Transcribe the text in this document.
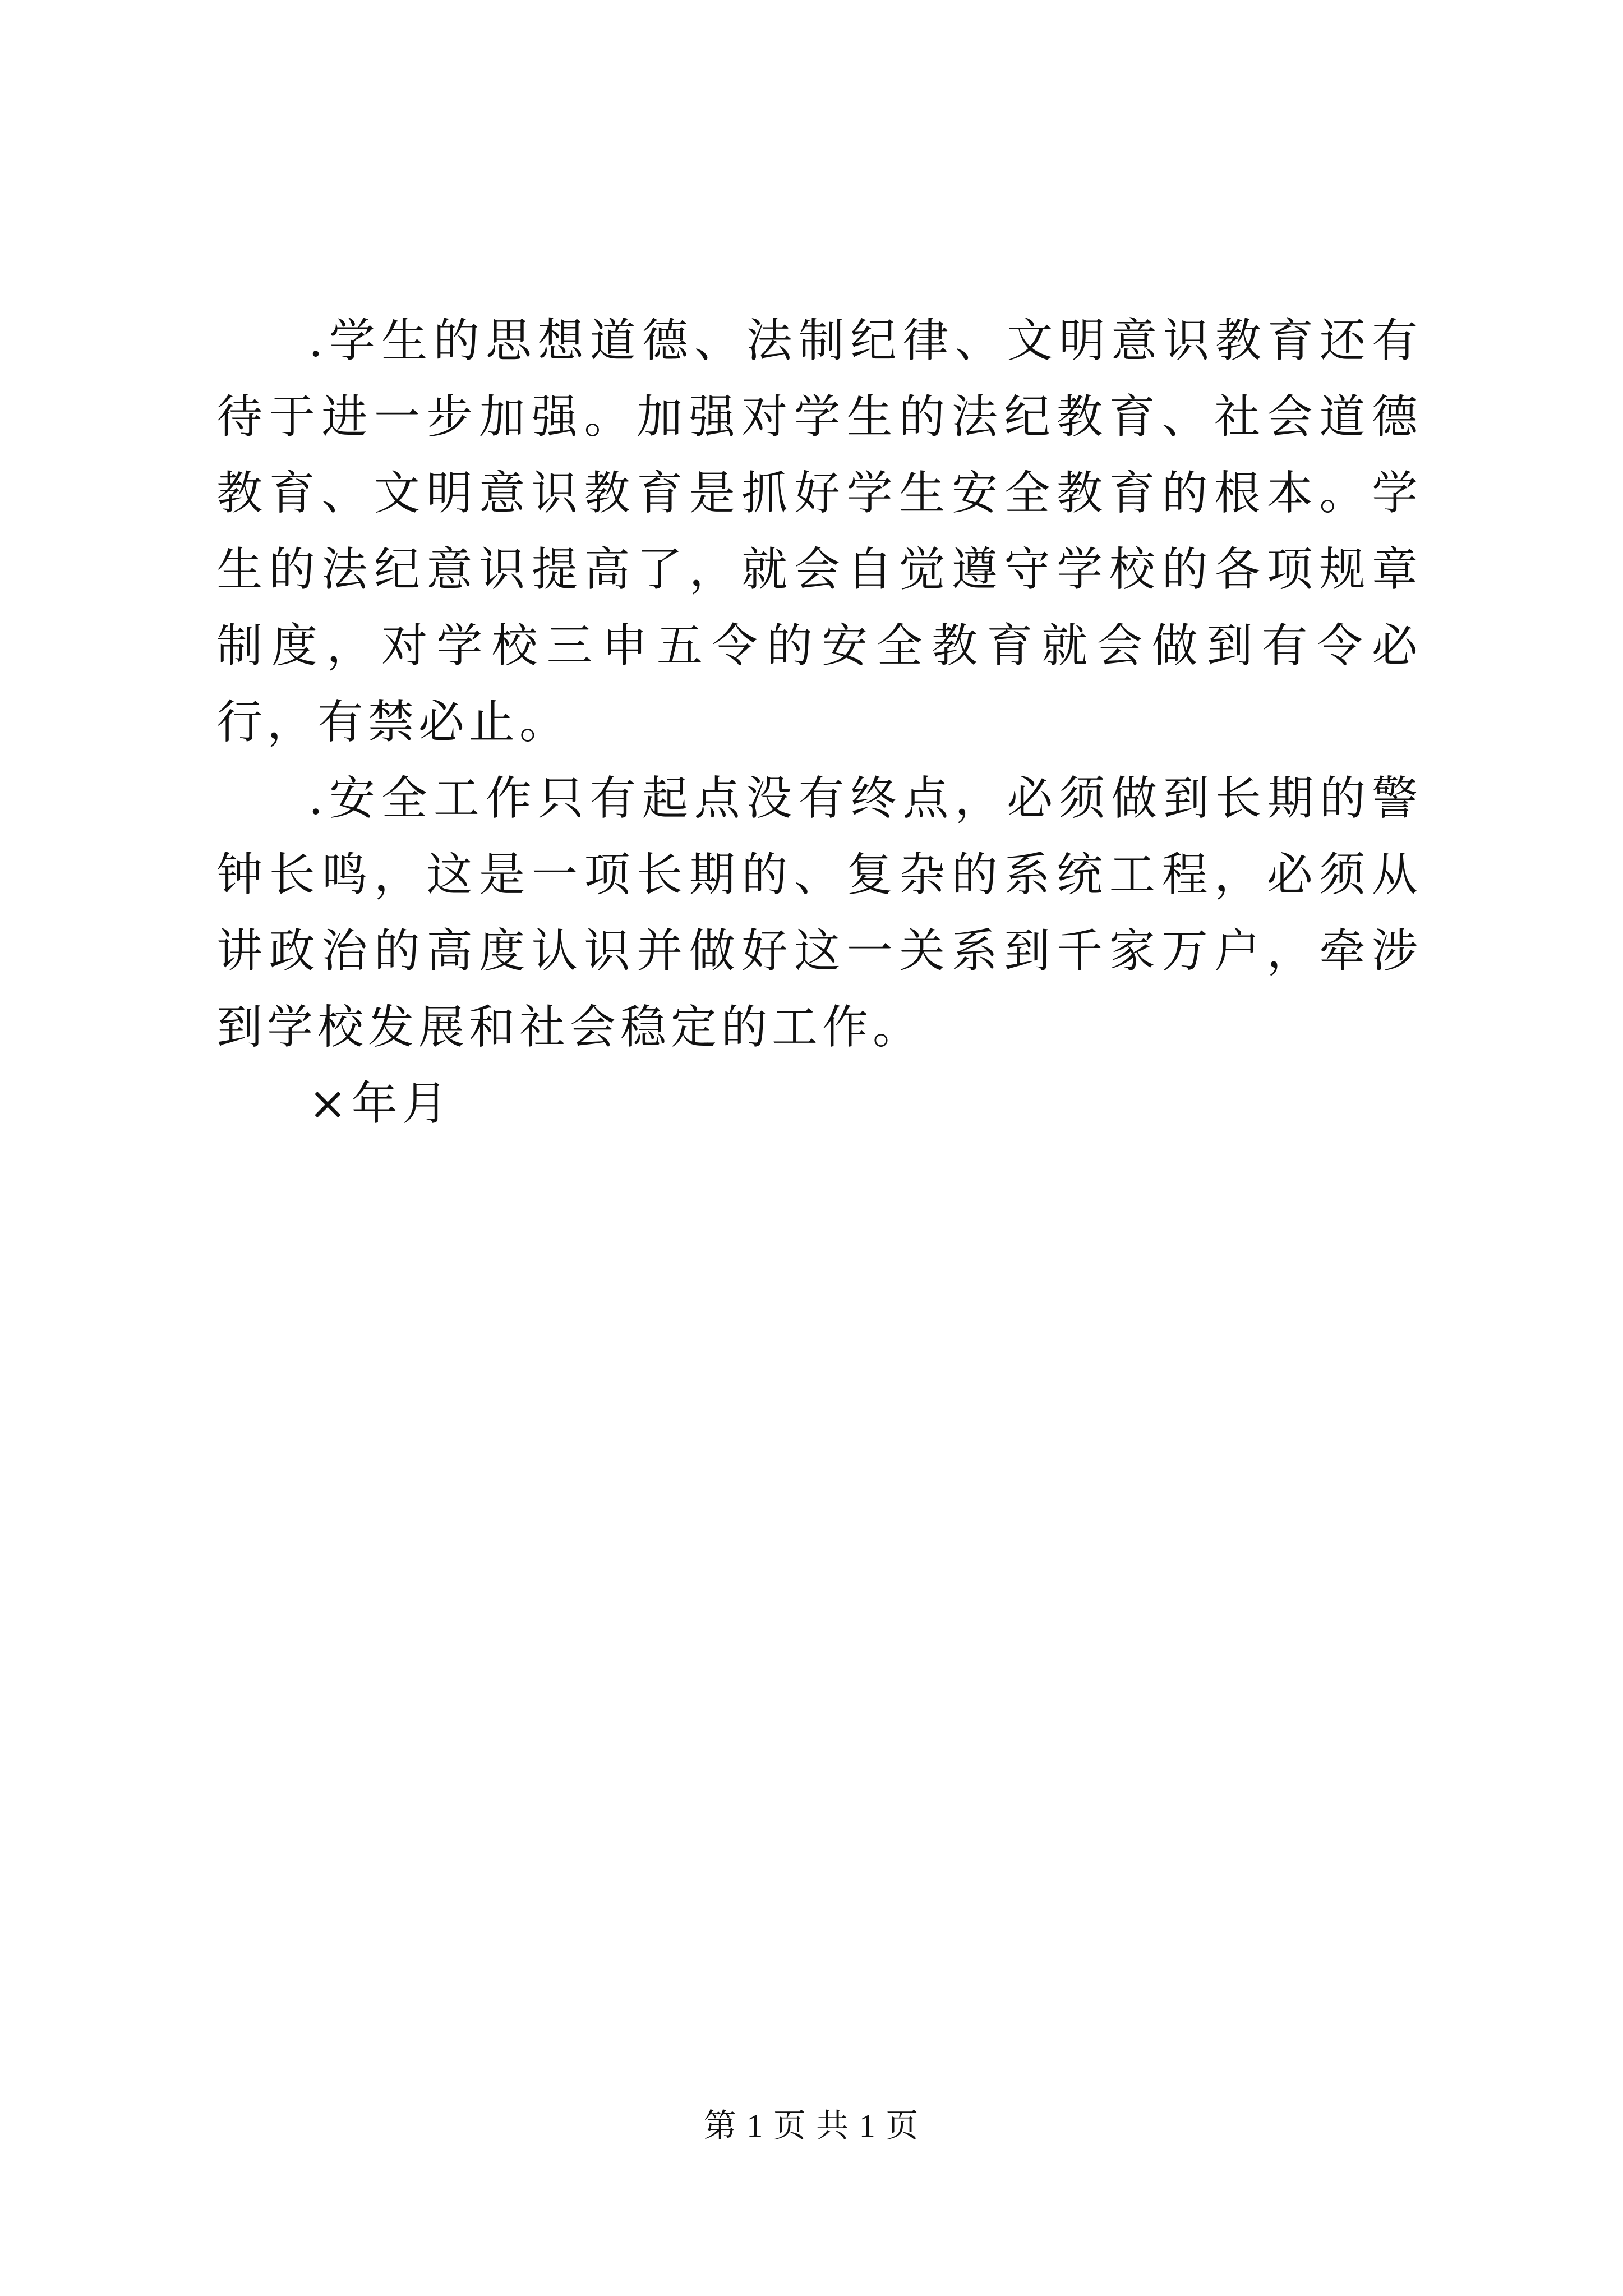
.学生的思想道德、法制纪律、文明意识教育还有待于进一步加强。加强对学生的法纪教育、社会道德教育、文明意识教育是抓好学生安全教育的根本。学生的法纪意识提高了，就会自觉遵守学校的各项规章制度，对学校三申五令的安全教育就会做到有令必行，有禁必止。

.安全工作只有起点没有终点，必须做到长期的警钟长鸣，这是一项长期的、复杂的系统工程，必须从讲政治的高度认识并做好这一关系到千家万户，牵涉到学校发展和社会稳定的工作。

×年月

第 1 页 共 1 页
